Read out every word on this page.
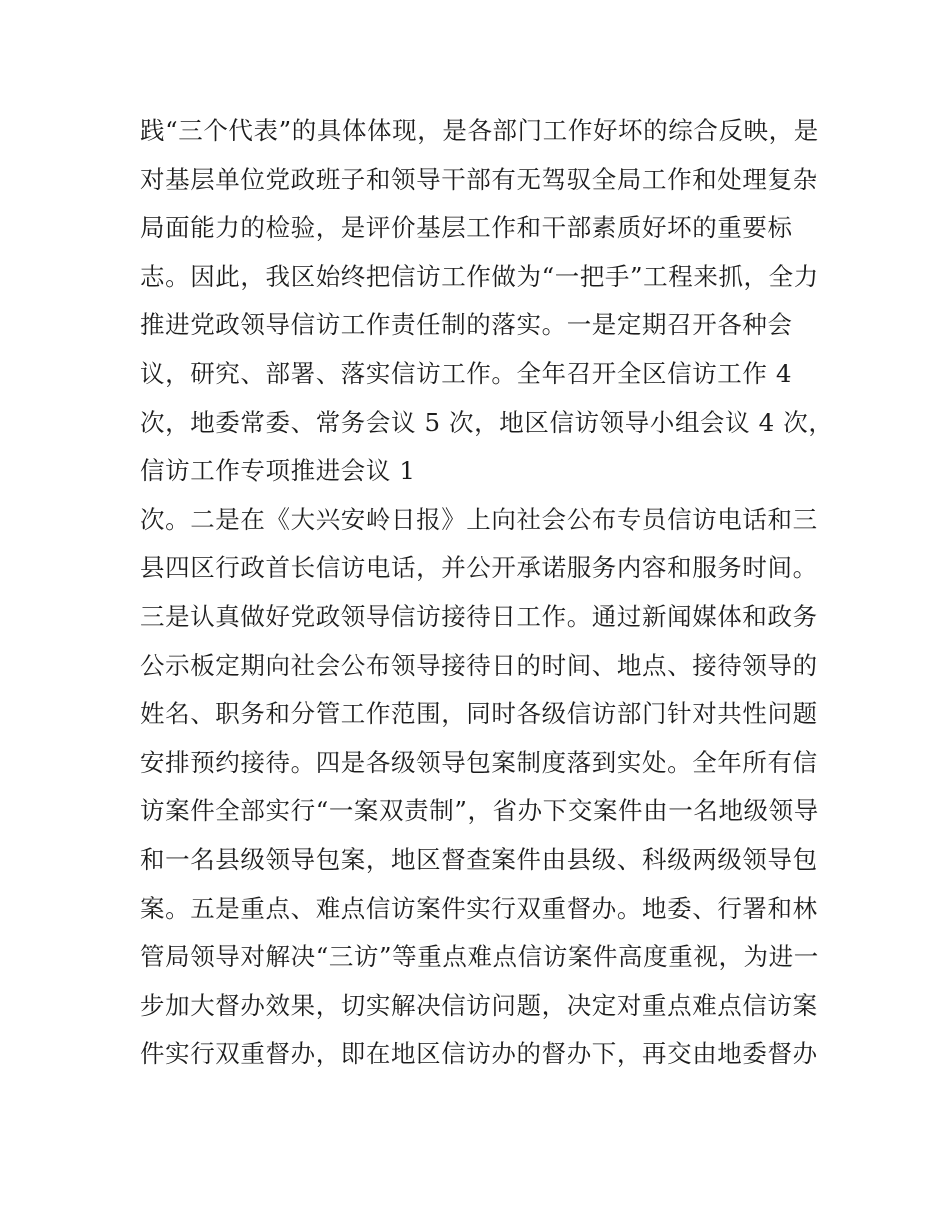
践“三个代表”的具体体现，是各部门工作好坏的综合反映，是
对基层单位党政班子和领导干部有无驾驭全局工作和处理复杂
局面能力的检验，是评价基层工作和干部素质好坏的重要标
志。因此，我区始终把信访工作做为“一把手”工程来抓，全力
推进党政领导信访工作责任制的落实。一是定期召开各种会
议，研究、部署、落实信访工作。全年召开全区信访工作 4
次，地委常委、常务会议 5 次，地区信访领导小组会议 4 次，
信访工作专项推进会议 1
次。二是在《大兴安岭日报》上向社会公布专员信访电话和三
县四区行政首长信访电话，并公开承诺服务内容和服务时间。
三是认真做好党政领导信访接待日工作。通过新闻媒体和政务
公示板定期向社会公布领导接待日的时间、地点、接待领导的
姓名、职务和分管工作范围，同时各级信访部门针对共性问题
安排预约接待。四是各级领导包案制度落到实处。全年所有信
访案件全部实行“一案双责制”，省办下交案件由一名地级领导
和一名县级领导包案，地区督查案件由县级、科级两级领导包
案。五是重点、难点信访案件实行双重督办。地委、行署和林
管局领导对解决“三访”等重点难点信访案件高度重视，为进一
步加大督办效果，切实解决信访问题，决定对重点难点信访案
件实行双重督办，即在地区信访办的督办下，再交由地委督办
